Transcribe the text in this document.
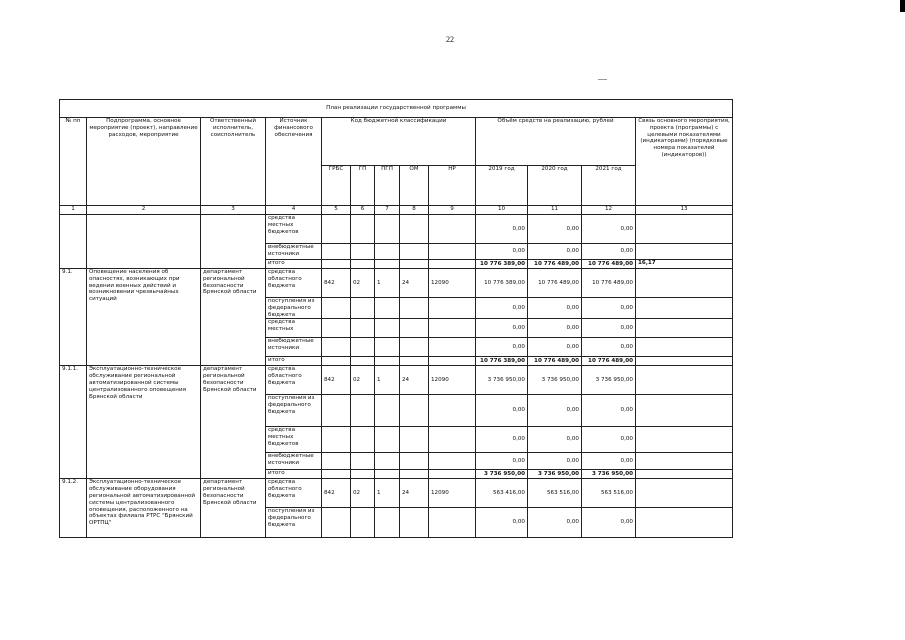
22
План реализации государственной программы												
№ пп	Подпрограмма, основное мероприятие (проект), направление расходов, мероприятие	Ответственный исполнитель, соисполнитель	Источник финансового обеспечения	Код бюджетной классификации					Объём средств на реализацию, рублей			Связь основного мероприятия, проекта (программы) с целевыми показателями (индикаторами) (порядковые номера показателей (индикаторов))
				ГРБС	ГП	ПГП	ОМ	НР	2019 год	2020 год	2021 год	
1	2	3	4	5	6	7	8	9	10	11	12	13
			средства местных бюджетов						0,00	0,00	0,00	
			внебюджетные источники						0,00	0,00	0,00	
			итого						10 776 389,00	10 776 489,00	10 776 489,00	16,17
9.1.	Оповещение населения об опасностях, возникающих при ведении военных действий и возникновении чрезвычайных ситуаций	департамент региональной безопасности Брянской области	средства областного бюджета	842	02	1	24	12090	10 776 389,00	10 776 489,00	10 776 489,00	
			поступления из федерального бюджета						0,00	0,00	0,00	
			средства местных						0,00	0,00	0,00	
			внебюджетные источники						0,00	0,00	0,00	
			итого						10 776 389,00	10 776 489,00	10 776 489,00	
9.1.1.	Эксплуатационно-техническое обслуживание региональной автоматизированной системы централизованного оповещения Брянской области	департамент региональной безопасности Брянской области	средства областного бюджета	842	02	1	24	12090	3 736 950,00	3 736 950,00	3 736 950,00	
			поступления из федерального бюджета						0,00	0,00	0,00	
			средства местных бюджетов						0,00	0,00	0,00	
			внебюджетные источники						0,00	0,00	0,00	
			итого						3 736 950,00	3 736 950,00	3 736 950,00	
9.1.2.	Эксплуатационно-техническое обслуживание оборудования региональной автоматизированной системы централизованного оповещения, расположенного на объектах филиала РТРС "Брянский ОРТПЦ"	департамент региональной безопасности Брянской области	средства областного бюджета	842	02	1	24	12090	563 416,00	563 516,00	563 516,00	
			поступления из федерального бюджета						0,00	0,00	0,00	
